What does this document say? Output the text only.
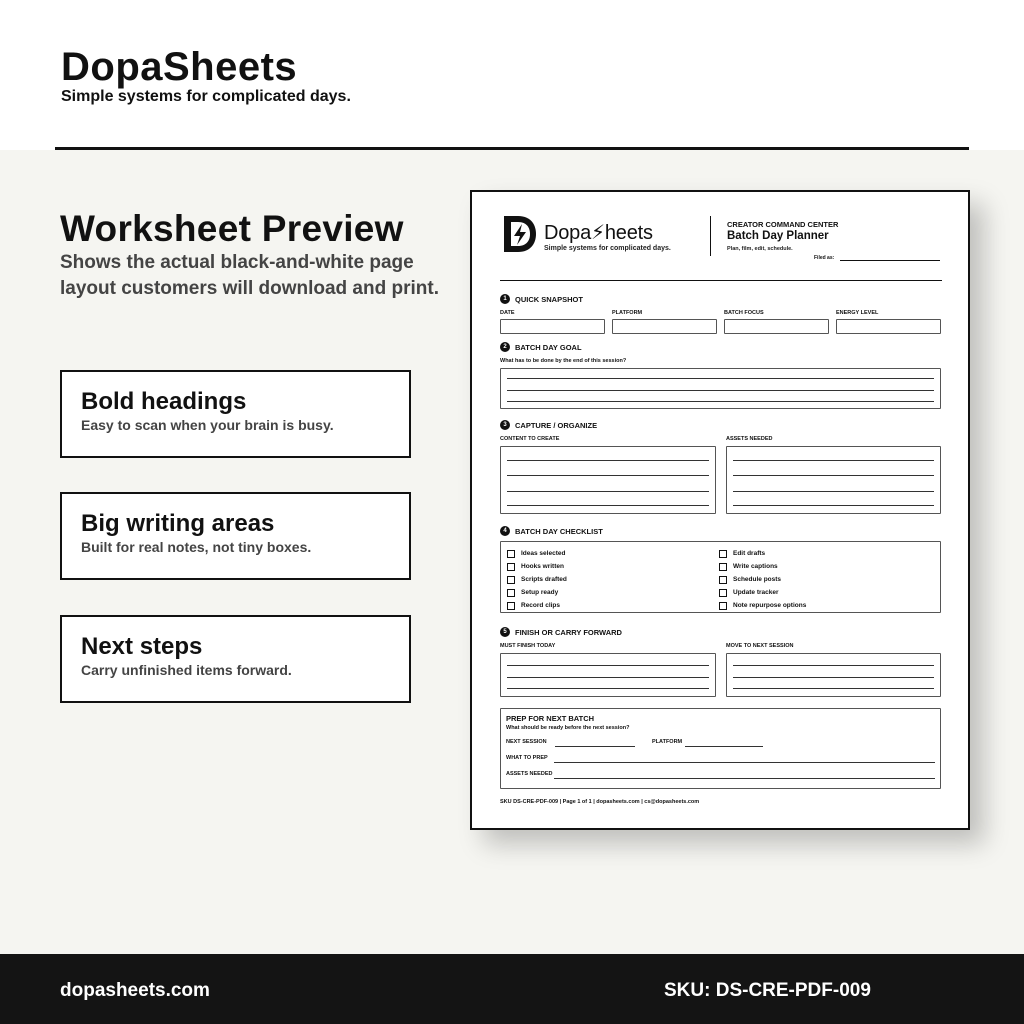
DopaSheets
Simple systems for complicated days.
Worksheet Preview
Shows the actual black-and-white page layout customers will download and print.
Bold headings
Easy to scan when your brain is busy.
Big writing areas
Built for real notes, not tiny boxes.
Next steps
Carry unfinished items forward.
Dopa⚡heets
Simple systems for complicated days.
CREATOR COMMAND CENTER
Batch Day Planner
Plan, film, edit, schedule.
Filed as:
1	QUICK SNAPSHOT
DATE	PLATFORM	BATCH FOCUS	ENERGY LEVEL
2	BATCH DAY GOAL
What has to be done by the end of this session?
3	CAPTURE / ORGANIZE
CONTENT TO CREATE	ASSETS NEEDED
4	BATCH DAY CHECKLIST
Ideas selected
Hooks written
Scripts drafted
Setup ready
Record clips
Edit drafts
Write captions
Schedule posts
Update tracker
Note repurpose options
5	FINISH OR CARRY FORWARD
MUST FINISH TODAY	MOVE TO NEXT SESSION
PREP FOR NEXT BATCH
What should be ready before the next session?
NEXT SESSION	PLATFORM
WHAT TO PREP
ASSETS NEEDED
SKU DS-CRE-PDF-009 | Page 1 of 1 | dopasheets.com | cs@dopasheets.com
dopasheets.com	SKU: DS-CRE-PDF-009
